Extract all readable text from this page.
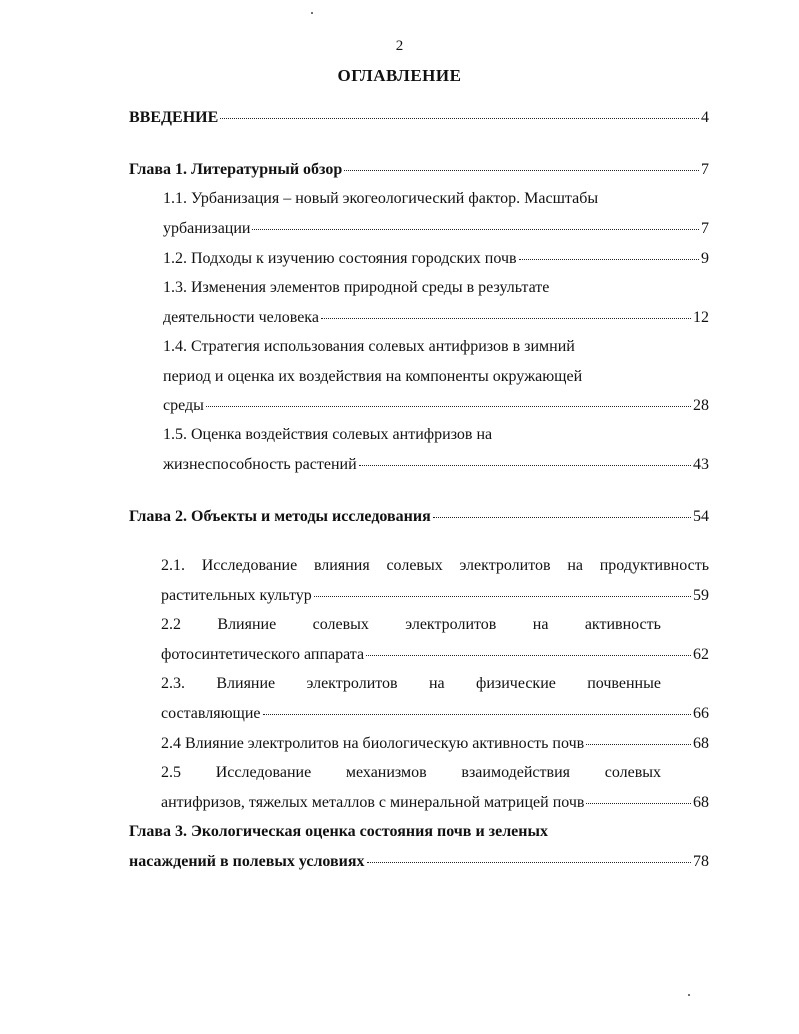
2
ОГЛАВЛЕНИЕ
ВВЕДЕНИЕ	4
Глава 1. Литературный обзор	7
1.1. Урбанизация – новый экогеологический фактор. Масштабы
урбанизации	7
1.2. Подходы к изучению состояния городских почв	9
1.3. Изменения элементов природной среды в результате
деятельности человека	12
1.4. Стратегия использования солевых антифризов в зимний
период и оценка их воздействия на компоненты окружающей
среды	28
1.5. Оценка воздействия солевых антифризов на
жизнеспособность растений	43
Глава 2. Объекты и методы исследования	54
2.1. Исследование влияния солевых электролитов на продуктивность
растительных культур	59
2.2 Влияние солевых электролитов на активность
фотосинтетического аппарата	62
2.3. Влияние электролитов на физические почвенные
составляющие	66
2.4 Влияние электролитов на биологическую активность почв	68
2.5 Исследование механизмов взаимодействия солевых
антифризов, тяжелых металлов с минеральной матрицей почв	68
Глава 3. Экологическая оценка состояния почв и зеленых
насаждений в полевых условиях	78
